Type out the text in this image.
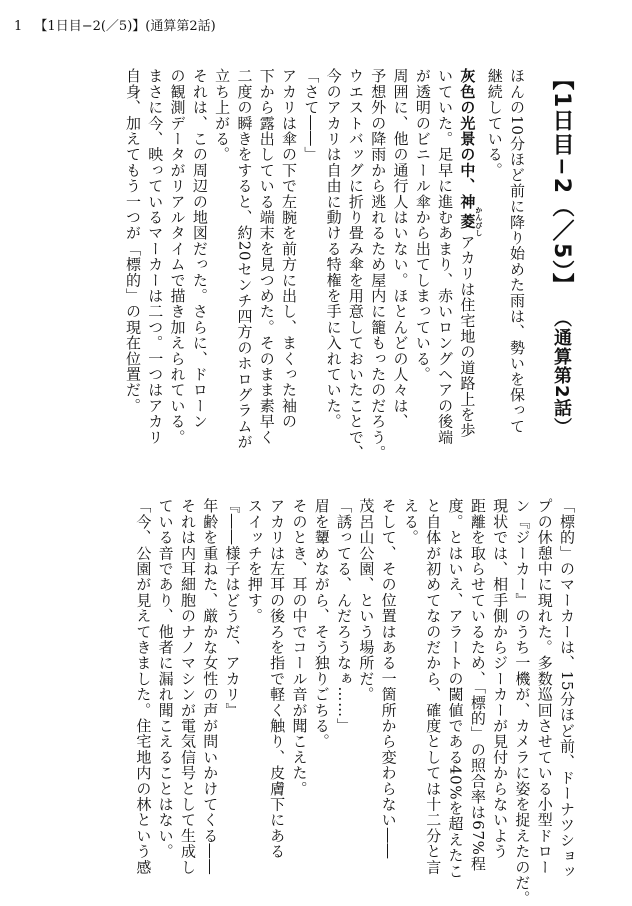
1 【1日目−2(／5)】(通算第2話)

【1日目−2（／5）】（通算第2話）

ほんの10分ほど前に降り始めた雨は、勢いを保って

継続している。

灰色の光景の中、神菱かんびしアカリは住宅地の道路上を歩

いていた。足早に進むあまり、赤いロングヘアの後端

が透明のビニール傘から出てしまっている。

周囲に、他の通行人はいない。ほとんどの人々は、

予想外の降雨から逃れるため屋内に籠もったのだろう。

ウエストバッグに折り畳み傘を用意しておいたことで、

今のアカリは自由に動ける特権を手に入れていた。

「さて――」

アカリは傘の下で左腕を前方に出し、まくった袖の

下から露出している端末を見つめた。そのまま素早く

二度の瞬きをすると、約20センチ四方のホログラムが

立ち上がる。

それは、この周辺の地図だった。さらに、ドローン

の観測データがリアルタイムで描き加えられている。

まさに今、映っているマーカーは二つ。一つはアカリ

自身、加えてもう一つが「標的」の現在位置だ。

「標的」のマーカーは、15分ほど前、ドーナツショッ

プの休憩中に現れた。多数巡回させている小型ドロー

ン『ジーカー』のうち一機が、カメラに姿を捉えたのだ。

現状では、相手側からジーカーが見付からないよう

距離を取らせているため、「標的」の照合率は67%程

度。とはいえ、アラートの閾値である40%を超えたこ

と自体が初めてなのだから、確度としては十二分と言

える。

そして、その位置はある一箇所から変わらない――

茂呂山公園、という場所だ。

「誘ってる、んだろうなぁ……」

眉を顰めながら、そう独りごちる。

そのとき、耳の中でコール音が聞こえた。

アカリは左耳の後ろを指で軽く触り、皮膚下にある

スイッチを押す。

『――様子はどうだ、アカリ』

年齢を重ねた、厳かな女性の声が問いかけてくる――

それは内耳細胞のナノマシンが電気信号として生成し

ている音であり、他者に漏れ聞こえることはない。

「今、公園が見えてきました。住宅地内の林という感
